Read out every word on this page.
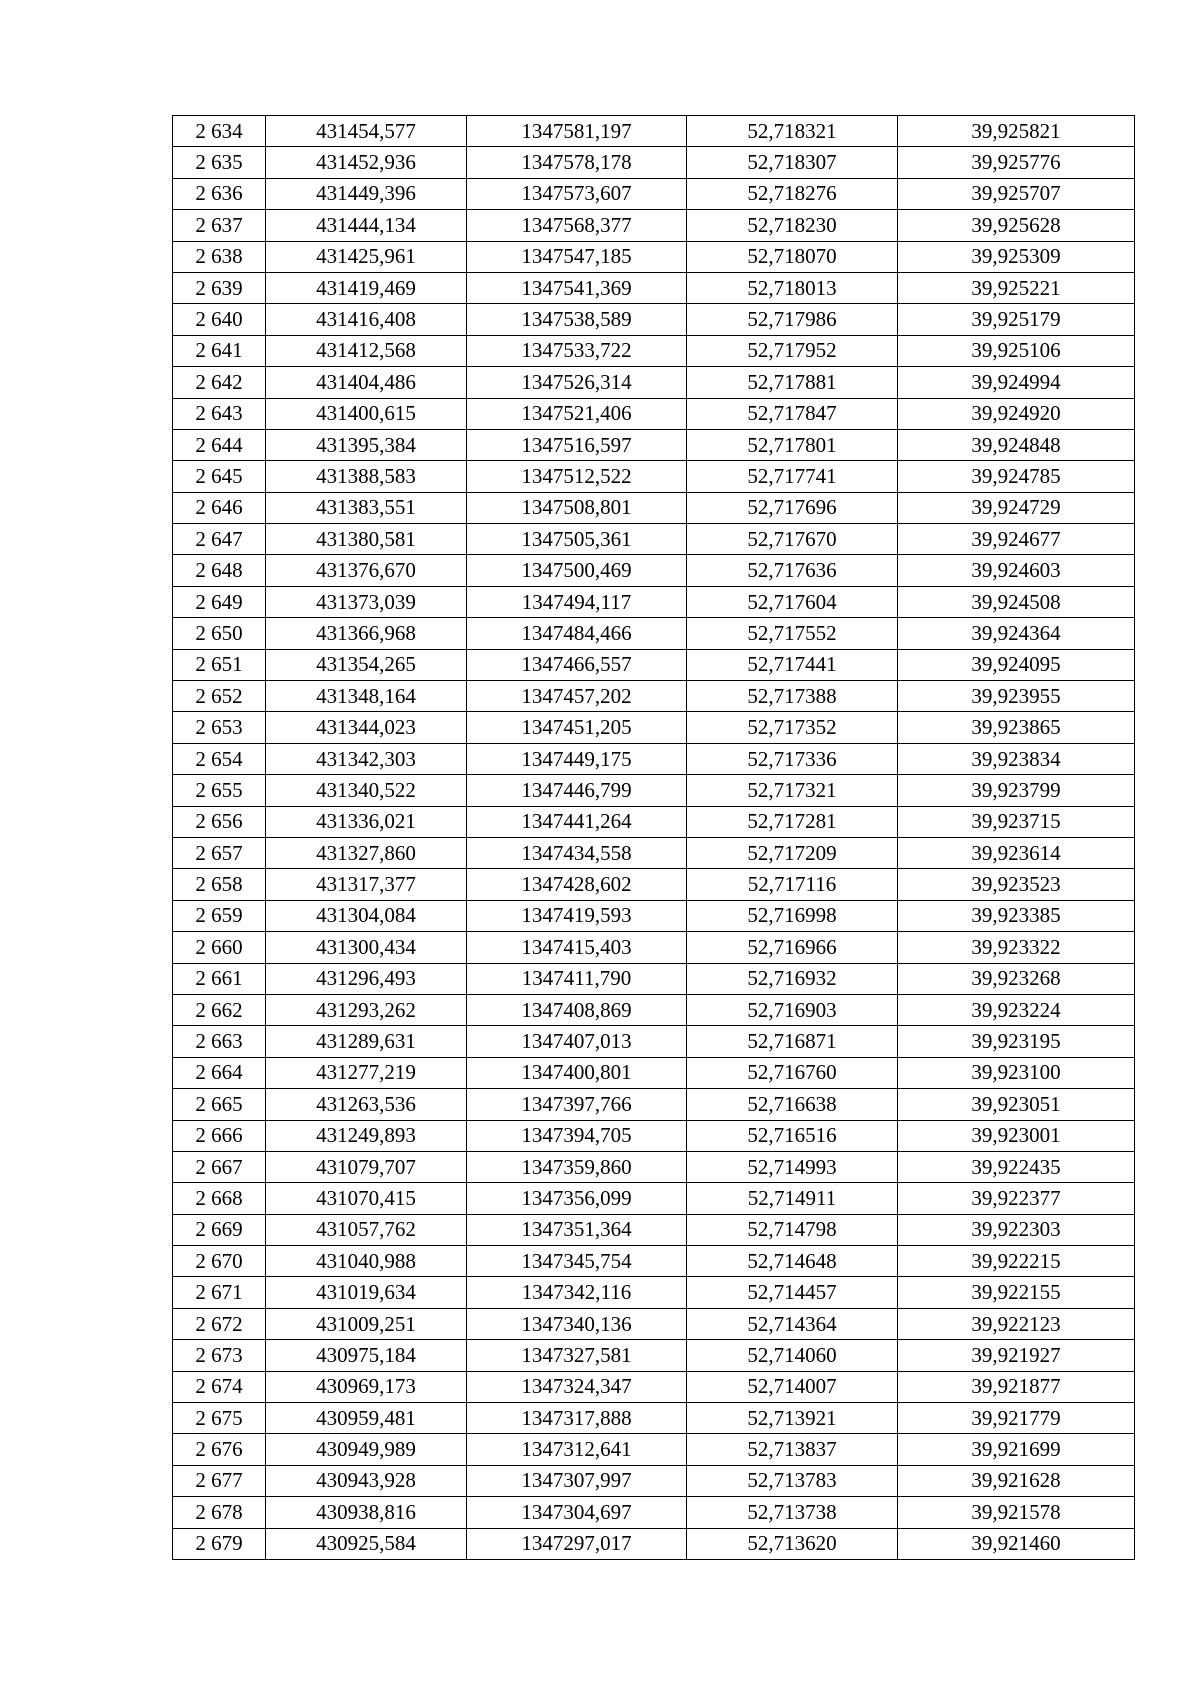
2 634	431454,577	1347581,197	52,718321	39,925821
2 635	431452,936	1347578,178	52,718307	39,925776
2 636	431449,396	1347573,607	52,718276	39,925707
2 637	431444,134	1347568,377	52,718230	39,925628
2 638	431425,961	1347547,185	52,718070	39,925309
2 639	431419,469	1347541,369	52,718013	39,925221
2 640	431416,408	1347538,589	52,717986	39,925179
2 641	431412,568	1347533,722	52,717952	39,925106
2 642	431404,486	1347526,314	52,717881	39,924994
2 643	431400,615	1347521,406	52,717847	39,924920
2 644	431395,384	1347516,597	52,717801	39,924848
2 645	431388,583	1347512,522	52,717741	39,924785
2 646	431383,551	1347508,801	52,717696	39,924729
2 647	431380,581	1347505,361	52,717670	39,924677
2 648	431376,670	1347500,469	52,717636	39,924603
2 649	431373,039	1347494,117	52,717604	39,924508
2 650	431366,968	1347484,466	52,717552	39,924364
2 651	431354,265	1347466,557	52,717441	39,924095
2 652	431348,164	1347457,202	52,717388	39,923955
2 653	431344,023	1347451,205	52,717352	39,923865
2 654	431342,303	1347449,175	52,717336	39,923834
2 655	431340,522	1347446,799	52,717321	39,923799
2 656	431336,021	1347441,264	52,717281	39,923715
2 657	431327,860	1347434,558	52,717209	39,923614
2 658	431317,377	1347428,602	52,717116	39,923523
2 659	431304,084	1347419,593	52,716998	39,923385
2 660	431300,434	1347415,403	52,716966	39,923322
2 661	431296,493	1347411,790	52,716932	39,923268
2 662	431293,262	1347408,869	52,716903	39,923224
2 663	431289,631	1347407,013	52,716871	39,923195
2 664	431277,219	1347400,801	52,716760	39,923100
2 665	431263,536	1347397,766	52,716638	39,923051
2 666	431249,893	1347394,705	52,716516	39,923001
2 667	431079,707	1347359,860	52,714993	39,922435
2 668	431070,415	1347356,099	52,714911	39,922377
2 669	431057,762	1347351,364	52,714798	39,922303
2 670	431040,988	1347345,754	52,714648	39,922215
2 671	431019,634	1347342,116	52,714457	39,922155
2 672	431009,251	1347340,136	52,714364	39,922123
2 673	430975,184	1347327,581	52,714060	39,921927
2 674	430969,173	1347324,347	52,714007	39,921877
2 675	430959,481	1347317,888	52,713921	39,921779
2 676	430949,989	1347312,641	52,713837	39,921699
2 677	430943,928	1347307,997	52,713783	39,921628
2 678	430938,816	1347304,697	52,713738	39,921578
2 679	430925,584	1347297,017	52,713620	39,921460
